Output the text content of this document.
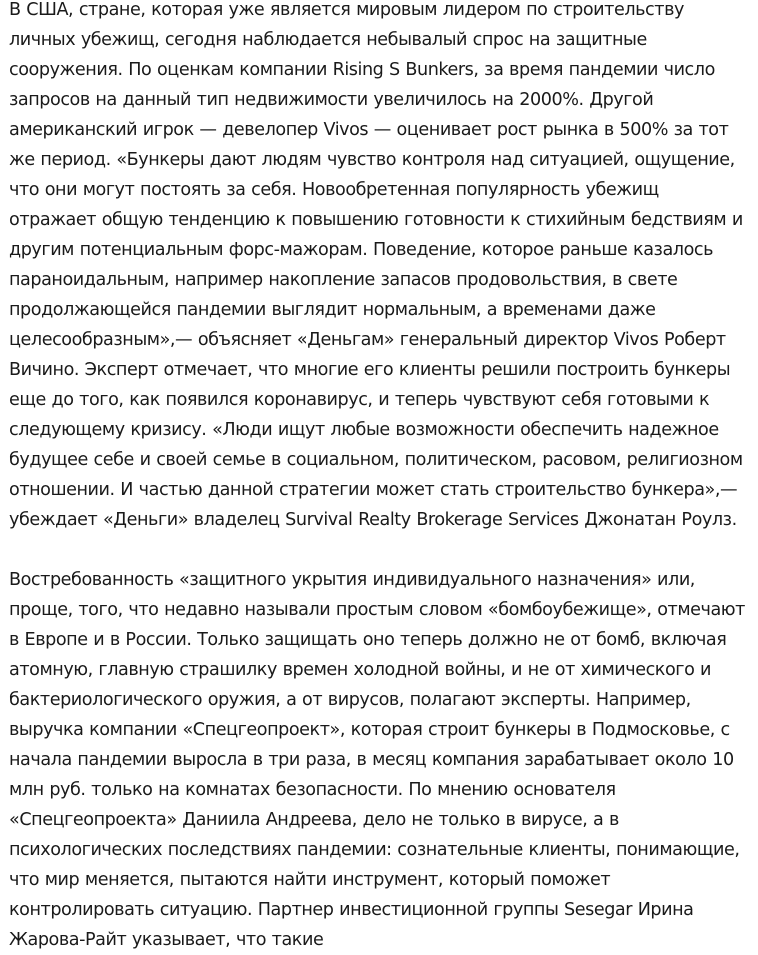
В США, стране, которая уже является мировым лидером по строительству личных убежищ, сегодня наблюдается небывалый спрос на защитные сооружения. По оценкам компании Rising S Bunkers, за время пандемии число запросов на данный тип недвижимости увеличилось на 2000%. Другой американский игрок — девелопер Vivos — оценивает рост рынка в 500% за тот же период. «Бункеры дают людям чувство контроля над ситуацией, ощущение, что они могут постоять за себя. Новообретенная популярность убежищ отражает общую тенденцию к повышению готовности к стихийным бедствиям и другим потенциальным форс-мажорам. Поведение, которое раньше казалось параноидальным, например накопление запасов продовольствия, в свете продолжающейся пандемии выглядит нормальным, а временами даже целесообразным»,— объясняет «Деньгам» генеральный директор Vivos Роберт Вичино. Эксперт отмечает, что многие его клиенты решили построить бункеры еще до того, как появился коронавирус, и теперь чувствуют себя готовыми к следующему кризису. «Люди ищут любые возможности обеспечить надежное будущее себе и своей семье в социальном, политическом, расовом, религиозном отношении. И частью данной стратегии может стать строительство бункера»,— убеждает «Деньги» владелец Survival Realty Brokerage Services Джонатан Роулз.

Востребованность «защитного укрытия индивидуального назначения» или, проще, того, что недавно называли простым словом «бомбоубежище», отмечают в Европе и в России. Только защищать оно теперь должно не от бомб, включая атомную, главную страшилку времен холодной войны, и не от химического и бактериологического оружия, а от вирусов, полагают эксперты. Например, выручка компании «Спецгеопроект», которая строит бункеры в Подмосковье, с начала пандемии выросла в три раза, в месяц компания зарабатывает около 10 млн руб. только на комнатах безопасности. По мнению основателя «Спецгеопроекта» Даниила Андреева, дело не только в вирусе, а в психологических последствиях пандемии: сознательные клиенты, понимающие, что мир меняется, пытаются найти инструмент, который поможет контролировать ситуацию. Партнер инвестиционной группы Sesegar Ирина Жарова-Райт указывает, что такие
